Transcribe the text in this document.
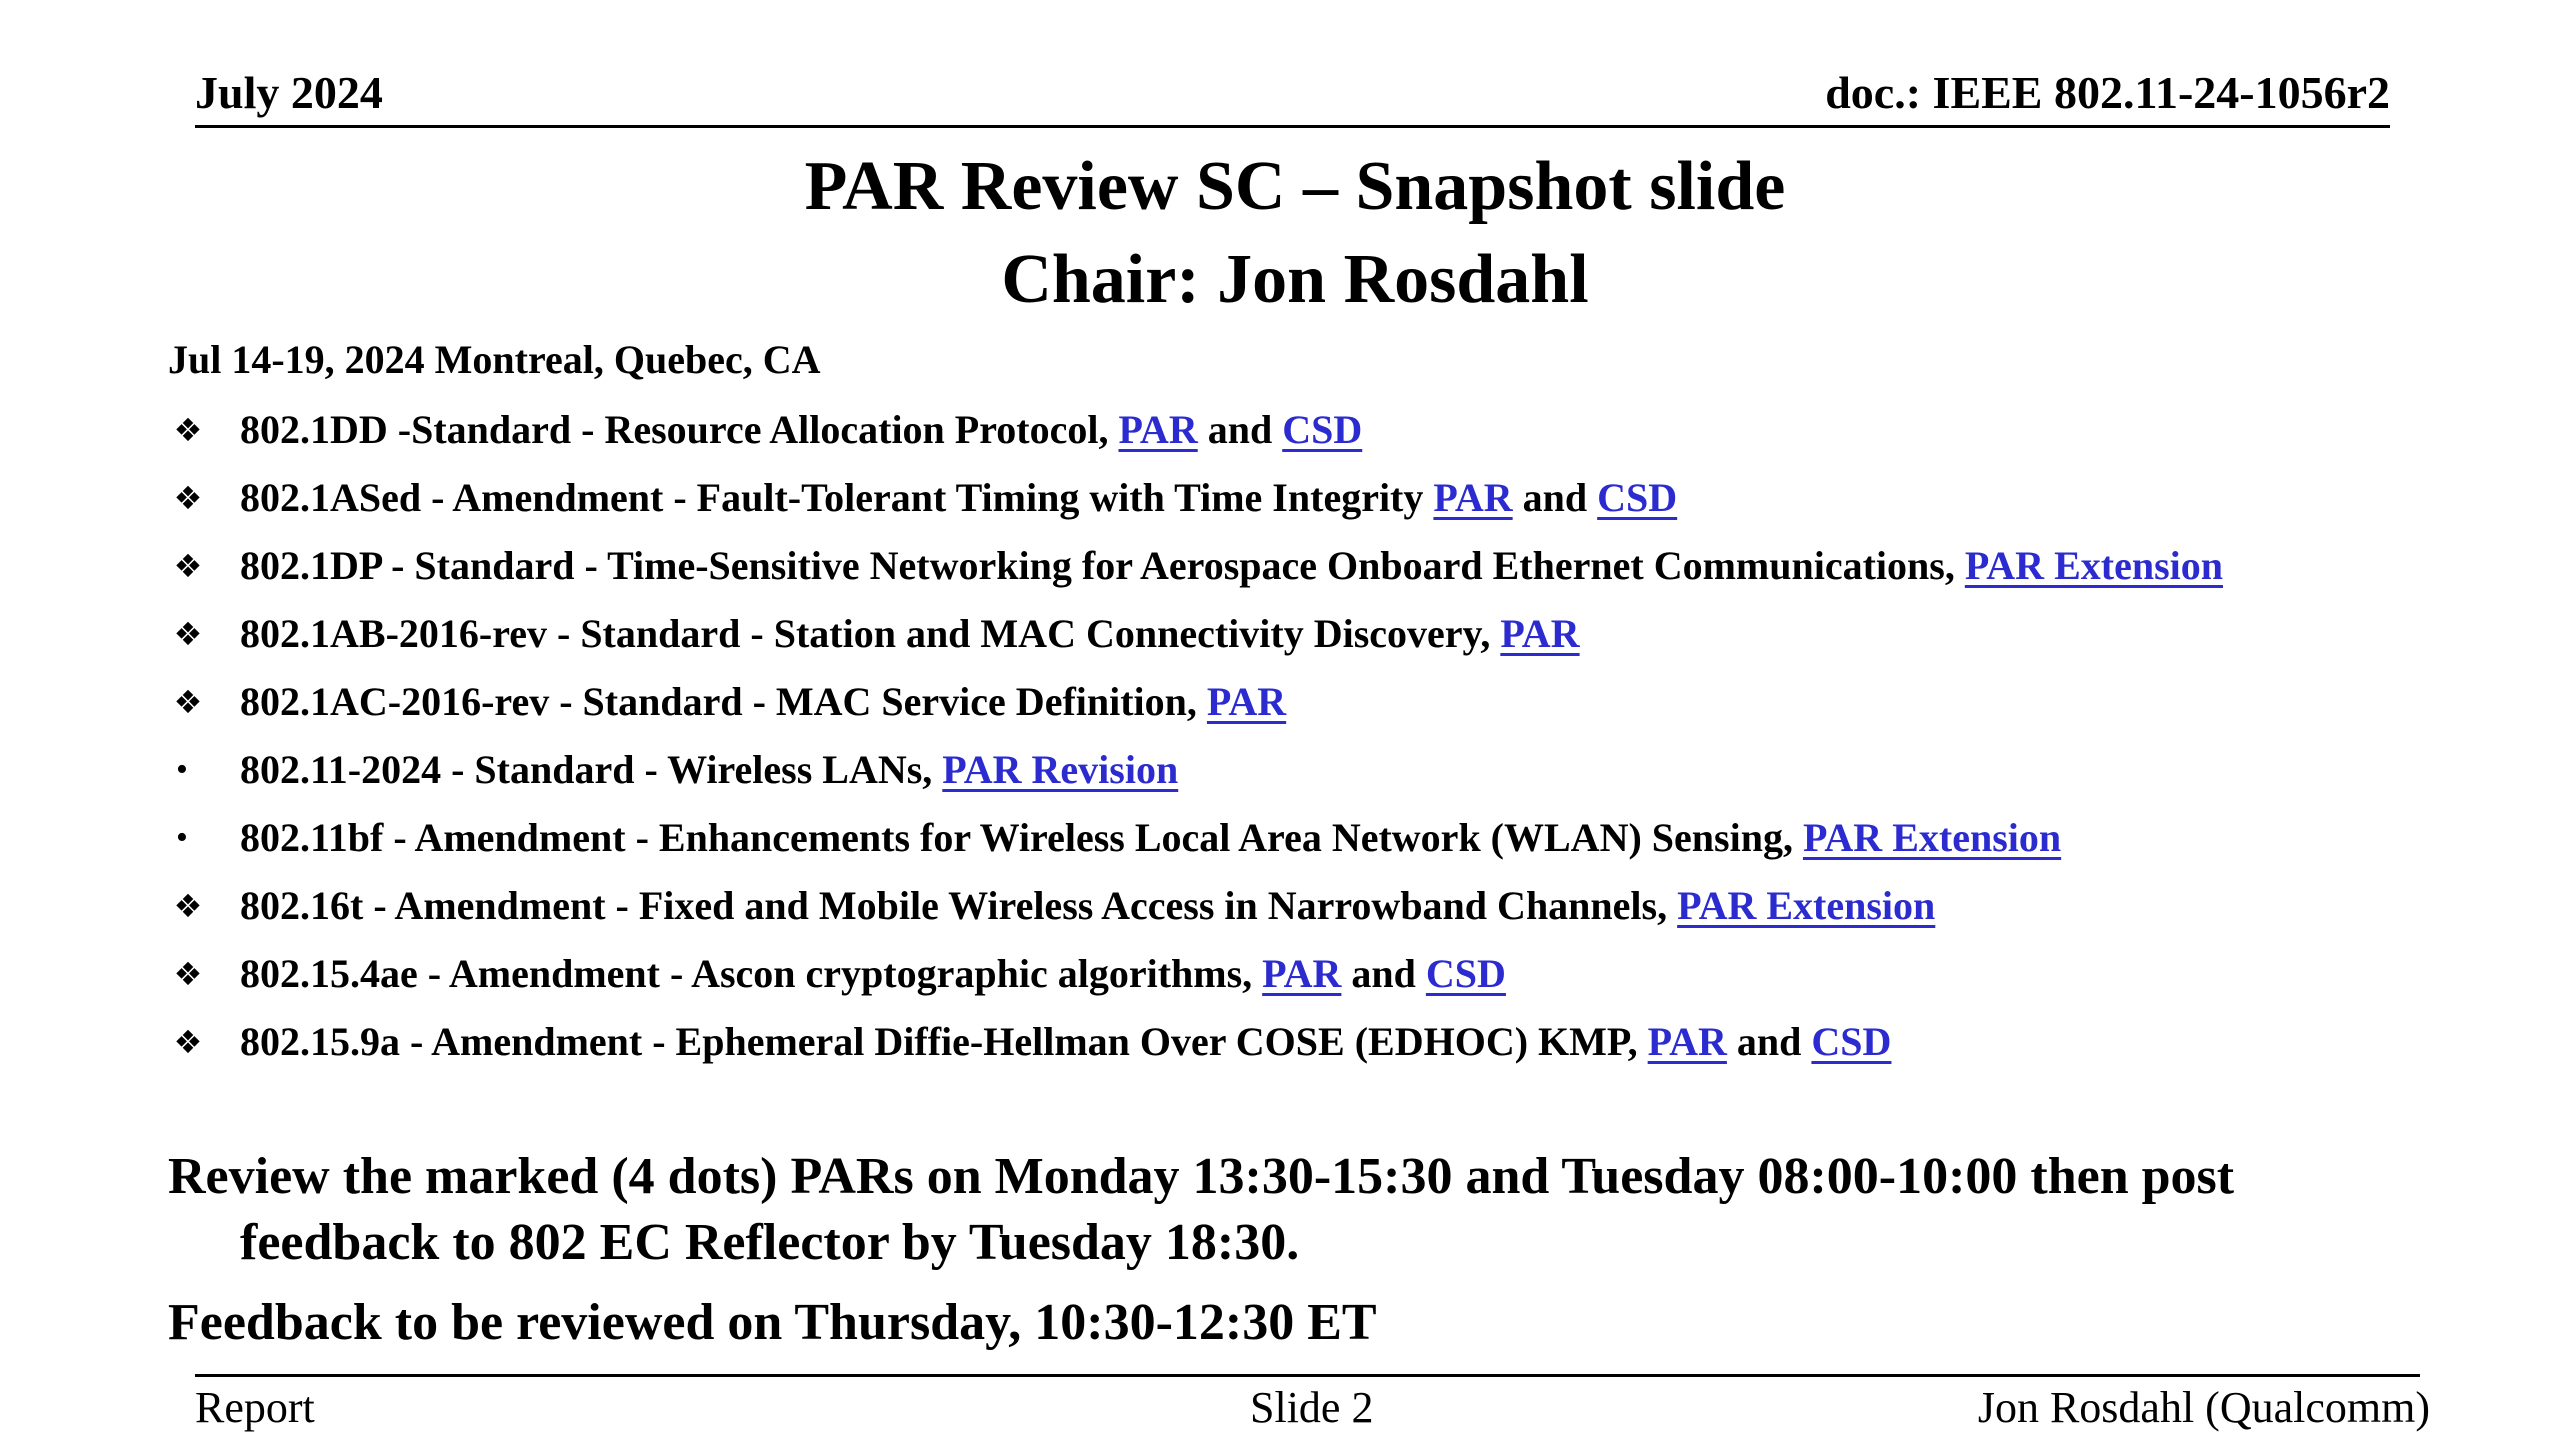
July 2024	doc.: IEEE 802.11-24-1056r2
PAR Review SC – Snapshot slide
Chair: Jon Rosdahl

Jul 14-19, 2024 Montreal, Quebec, CA

❖ 802.1DD -Standard - Resource Allocation Protocol, PAR and CSD
❖ 802.1ASed - Amendment - Fault-Tolerant Timing with Time Integrity PAR and CSD
❖ 802.1DP - Standard - Time-Sensitive Networking for Aerospace Onboard Ethernet Communications, PAR Extension
❖ 802.1AB-2016-rev - Standard - Station and MAC Connectivity Discovery, PAR
❖ 802.1AC-2016-rev - Standard - MAC Service Definition, PAR
•	802.11-2024 - Standard - Wireless LANs, PAR Revision
•	802.11bf - Amendment - Enhancements for Wireless Local Area Network (WLAN) Sensing, PAR Extension
❖ 802.16t - Amendment - Fixed and Mobile Wireless Access in Narrowband Channels, PAR Extension
❖ 802.15.4ae - Amendment - Ascon cryptographic algorithms, PAR and CSD
❖ 802.15.9a - Amendment - Ephemeral Diffie-Hellman Over COSE (EDHOC) KMP, PAR and CSD

Review the marked (4 dots) PARs on Monday 13:30-15:30 and Tuesday 08:00-10:00 then post feedback to 802 EC Reflector by Tuesday 18:30.

Feedback to be reviewed on Thursday, 10:30-12:30 ET

Report	Slide 2	Jon Rosdahl (Qualcomm)
